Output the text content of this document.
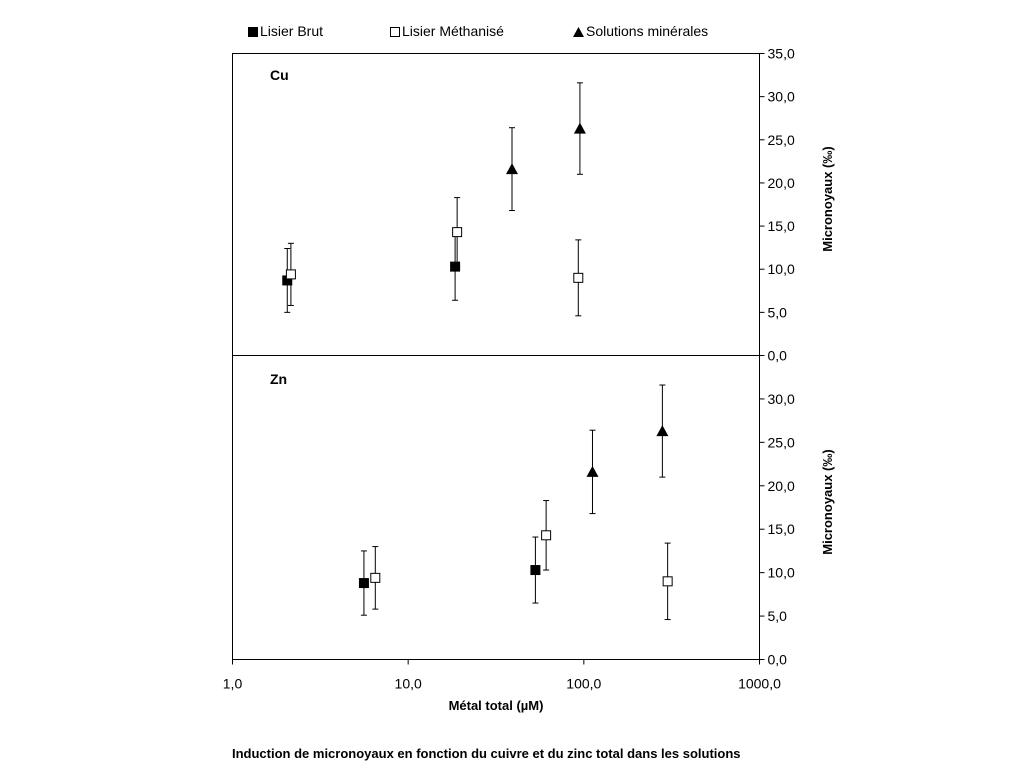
Lisier Brut	Lisier Méthanisé	Solutions minérales
Cu
0,0
5,0
10,0
15,0
20,0
25,0
30,0
35,0
Micronoyaux (‰)
Zn
0,0
5,0
10,0
15,0
20,0
25,0
30,0
Micronoyaux (‰)
1,0	10,0	100,0	1000,0
Métal total (µM)
Induction de micronoyaux en fonction du cuivre et du zinc total dans les solutions
